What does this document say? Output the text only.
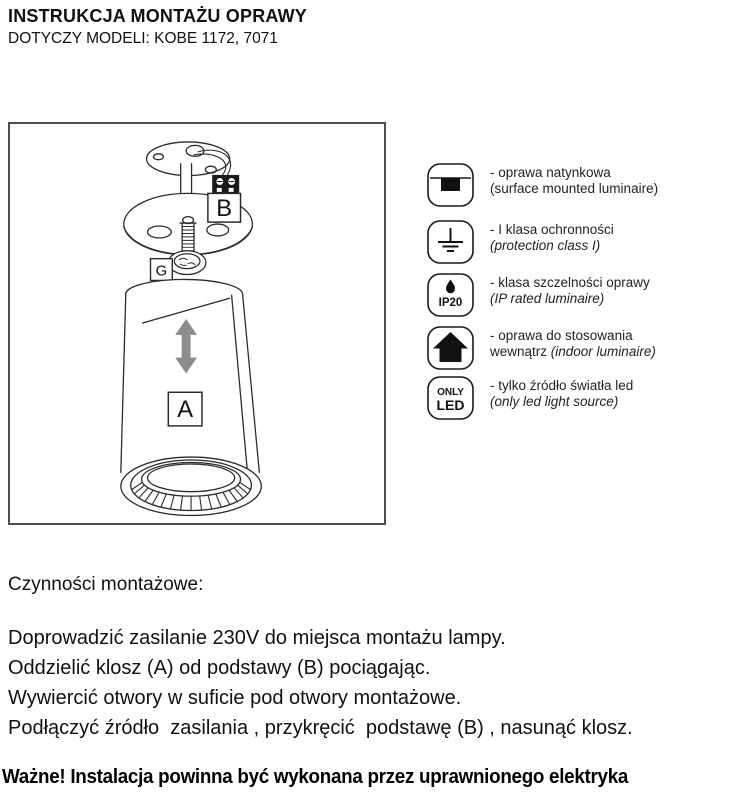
INSTRUKCJA MONTAŻU OPRAWY
DOTYCZY MODELI: KOBE 1172, 7071
B
G
A
- oprawa natynkowa
(surface mounted luminaire)
- I klasa ochronności
(protection class I)
IP20
- klasa szczelności oprawy
(IP rated luminaire)
- oprawa do stosowania
wewnątrz (indoor luminaire)
ONLY
LED
- tylko źródło światła led
(only led light source)

Czynności montażowe:

Doprowadzić zasilanie 230V do miejsca montażu lampy.

Oddzielić klosz (A) od podstawy (B) pociągając.

Wywiercić otwory w suficie pod otwory montażowe.

Podłączyć źródło  zasilania , przykręcić  podstawę (B) , nasunąć klosz.

Ważne! Instalacja powinna być wykonana przez uprawnionego elektryka
